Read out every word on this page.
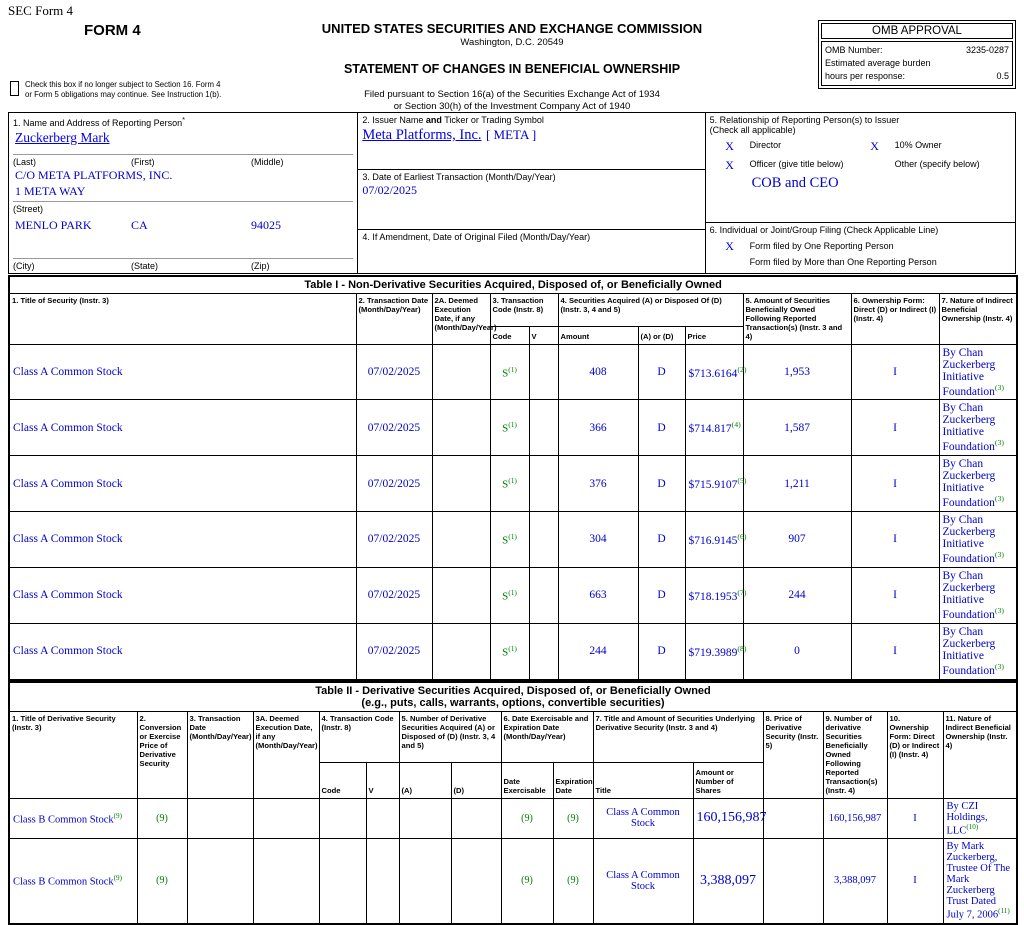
SEC Form 4
FORM 4	UNITED STATES SECURITIES AND EXCHANGE COMMISSION
Washington, D.C. 20549
STATEMENT OF CHANGES IN BENEFICIAL OWNERSHIP
Filed pursuant to Section 16(a) of the Securities Exchange Act of 1934
or Section 30(h) of the Investment Company Act of 1940
OMB APPROVAL
OMB Number:	3235-0287
Estimated average burden
hours per response:	0.5
Check this box if no longer subject to Section 16. Form 4
or Form 5 obligations may continue. See Instruction 1(b).
1. Name and Address of Reporting Person*
Zuckerberg Mark
(Last)	(First)	(Middle)
C/O META PLATFORMS, INC.
1 META WAY
(Street)
MENLO PARK	CA	94025
(City)	(State)	(Zip)
2. Issuer Name and Ticker or Trading Symbol
Meta Platforms, Inc. [ META ]
3. Date of Earliest Transaction (Month/Day/Year)
07/02/2025
4. If Amendment, Date of Original Filed (Month/Day/Year)
5. Relationship of Reporting Person(s) to Issuer
(Check all applicable)
X	Director	X	10% Owner
X	Officer (give title below)	Other (specify below)
COB and CEO
6. Individual or Joint/Group Filing (Check Applicable Line)
X	Form filed by One Reporting Person
Form filed by More than One Reporting Person
Table I - Non-Derivative Securities Acquired, Disposed of, or Beneficially Owned										
1. Title of Security (Instr. 3)	2. Transaction Date (Month/Day/Year)	2A. Deemed Execution Date, if any (Month/Day/Year)	3. Transaction Code (Instr. 8)		4. Securities Acquired (A) or Disposed Of (D) (Instr. 3, 4 and 5)			5. Amount of Securities Beneficially Owned Following Reported Transaction(s) (Instr. 3 and 4)	6. Ownership Form: Direct (D) or Indirect (I) (Instr. 4)	7. Nature of Indirect Beneficial Ownership (Instr. 4)
			Code	V	Amount	(A) or (D)	Price			
Class A Common Stock	07/02/2025		S$^{(1)}$		408	D	$713.6164$^{(2)}$	1,953	I	By Chan Zuckerberg Initiative Foundation$^{(3)}$
Class A Common Stock	07/02/2025		S$^{(1)}$		366	D	$714.817$^{(4)}$	1,587	I	By Chan Zuckerberg Initiative Foundation$^{(3)}$
Class A Common Stock	07/02/2025		S$^{(1)}$		376	D	$715.9107$^{(5)}$	1,211	I	By Chan Zuckerberg Initiative Foundation$^{(3)}$
Class A Common Stock	07/02/2025		S$^{(1)}$		304	D	$716.9145$^{(6)}$	907	I	By Chan Zuckerberg Initiative Foundation$^{(3)}$
Class A Common Stock	07/02/2025		S$^{(1)}$		663	D	$718.1953$^{(7)}$	244	I	By Chan Zuckerberg Initiative Foundation$^{(3)}$
Class A Common Stock	07/02/2025		S$^{(1)}$		244	D	$719.3989$^{(8)}$	0	I	By Chan Zuckerberg Initiative Foundation$^{(3)}$
Table II - Derivative Securities Acquired, Disposed of, or Beneficially Owned
(e.g., puts, calls, warrants, options, convertible securities)															

1. Title of Derivative Security (Instr. 3)	2. Conversion or Exercise Price of Derivative Security	3. Transaction Date (Month/Day/Year)	3A. Deemed Execution Date, if any (Month/Day/Year)	4. Transaction Code (Instr. 8)		5. Number of Derivative Securities Acquired (A) or Disposed of (D) (Instr. 3, 4 and 5)		6. Date Exercisable and Expiration Date (Month/Day/Year)		7. Title and Amount of Securities Underlying Derivative Security (Instr. 3 and 4)		8. Price of Derivative Security (Instr. 5)	9. Number of derivative Securities Beneficially Owned Following Reported Transaction(s) (Instr. 4)	10. Ownership Form: Direct (D) or Indirect (I) (Instr. 4)	11. Nature of Indirect Beneficial Ownership (Instr. 4)
				Code	V	(A)	(D)	Date Exercisable	Expiration Date	Title	Amount or Number of Shares				
Class B Common Stock$^{(9)}$	(9)							(9)	(9)	Class A Common Stock	160,156,987		160,156,987	I	By CZI Holdings, LLC$^{(10)}$
Class B Common Stock$^{(9)}$	(9)							(9)	(9)	Class A Common Stock	3,388,097		3,388,097	I	By Mark Zuckerberg, Trustee Of The Mark Zuckerberg Trust Dated July 7, 2006$^{(11)}$
